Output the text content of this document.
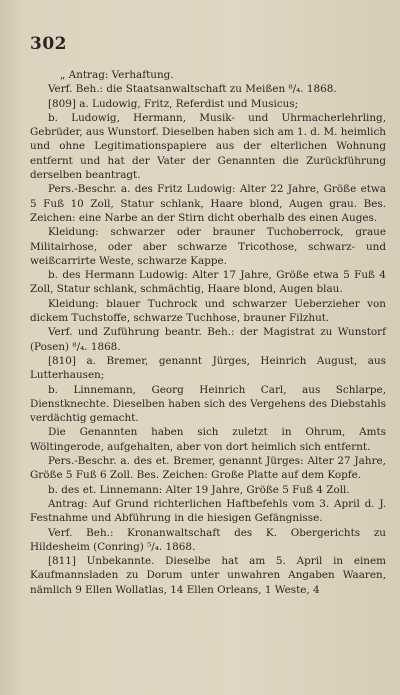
302

„ Antrag: Verhaftung.

Verf. Beh.: die Staatsanwaltschaft zu Meißen ⁸/₄. 1868.

[809] a. Ludowig, Fritz, Referdist und Musicus;

b. Ludowig, Hermann, Musik- und Uhrmacherlehrling, Gebrüder, aus Wunstorf. Dieselben haben sich am 1. d. M. heimlich und ohne Legitimationspapiere aus der elterlichen Wohnung entfernt und hat der Vater der Genannten die Zurückführung derselben beantragt.

Pers.-Beschr. a. des Fritz Ludowig: Alter 22 Jahre, Größe etwa 5 Fuß 10 Zoll, Statur schlank, Haare blond, Augen grau. Bes. Zeichen: eine Narbe an der Stirn dicht oberhalb des einen Auges.

Kleidung: schwarzer oder brauner Tuchoberrock, graue Militairhose, oder aber schwarze Tricothose, schwarz- und weißcarrirte Weste, schwarze Kappe.

b. des Hermann Ludowig: Alter 17 Jahre, Größe etwa 5 Fuß 4 Zoll, Statur schlank, schmächtig, Haare blond, Augen blau.

Kleidung: blauer Tuchrock und schwarzer Ueberzieher von dickem Tuchstoffe, schwarze Tuchhose, brauner Filzhut.

Verf. und Zuführung beantr. Beh.: der Magistrat zu Wunstorf (Posen) ⁸/₄. 1868.

[810] a. Bremer, genannt Jürges, Heinrich August, aus Lutterhausen;

b. Linnemann, Georg Heinrich Carl, aus Schlarpe, Dienstknechte. Dieselben haben sich des Vergehens des Diebstahls verdächtig gemacht.

Die Genannten haben sich zuletzt in Ohrum, Amts Wöltingerode, aufgehalten, aber von dort heimlich sich entfernt.

Pers.-Beschr. a. des et. Bremer, genannt Jürges: Alter 27 Jahre, Größe 5 Fuß 6 Zoll. Bes. Zeichen: Große Platte auf dem Kopfe.

b. des et. Linnemann: Alter 19 Jahre, Größe 5 Fuß 4 Zoll.

Antrag: Auf Grund richterlichen Haftbefehls vom 3. April d. J. Festnahme und Abführung in die hiesigen Gefängnisse.

Verf. Beh.: Kronanwaltschaft des K. Obergerichts zu Hildesheim (Conring) ⁵/₄. 1868.

[811] Unbekannte. Dieselbe hat am 5. April in einem Kaufmannsladen zu Dorum unter unwahren Angaben Waaren, nämlich 9 Ellen Wollatlas, 14 Ellen Orleans, 1 Weste, 4
